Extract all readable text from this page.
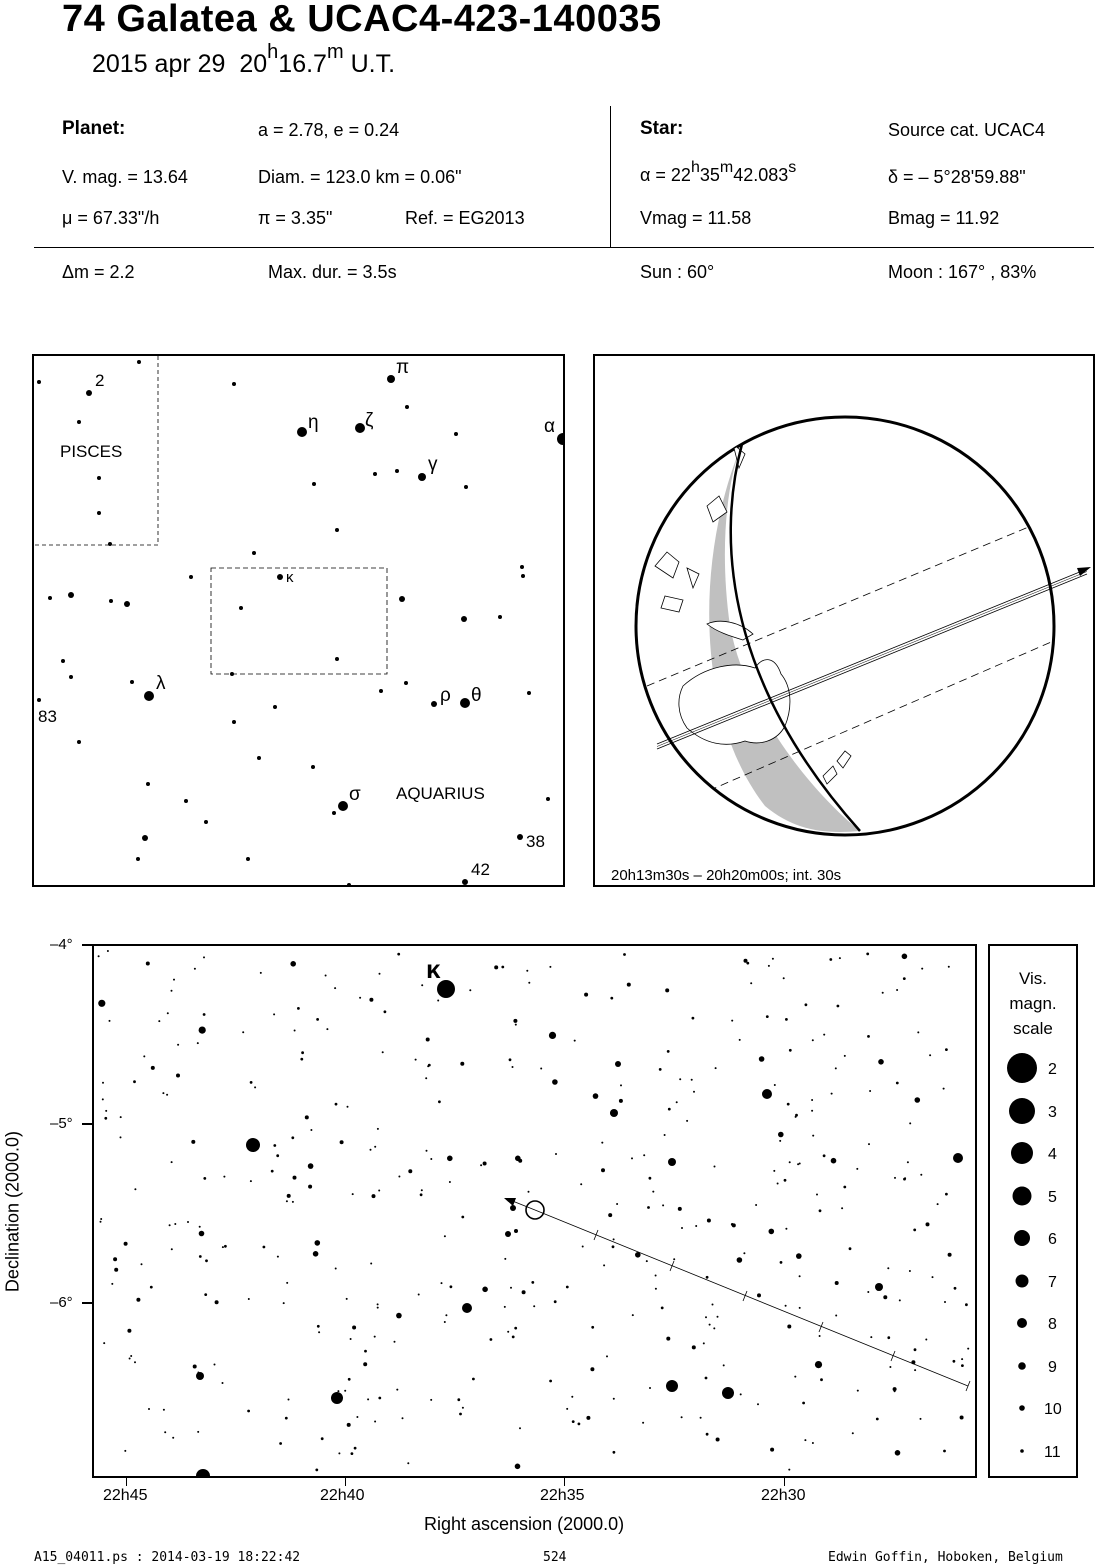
74 Galatea & UCAC4-423-140035
2015 apr 29 20$^h$16.7$^m$ U.T.
Planet:	a = 2.78, e = 0.24
V. mag. = 13.64	Diam. = 123.0 km = 0.06"
μ = 67.33"/h	π = 3.35"	Ref. = EG2013
Star:	Source cat. UCAC4
$\alpha = 22^h35^m42.083^s$	δ = – 5°28'59.88"
Vmag = 11.58	Bmag = 11.92
Δm = 2.2	Max. dur. = 3.5s	Sun : 60°	Moon : 167° , 83%
PISCES
AQUARIUS
2
83
38
42
π
η ζ	α
γ
κ
λ
ρ θ
σ
20h13m30s – 20h20m00s; int. 30s
κ
–4°
–5°
–6°
22h45	22h40	22h35	22h30
Right ascension (2000.0)
Declination (2000.0)
Vis.
magn.
scale
2
3
4
5
6
7
8
9
10
11
A15_04011.ps : 2014-03-19 18:22:42	524	Edwin Goffin, Hoboken, Belgium
